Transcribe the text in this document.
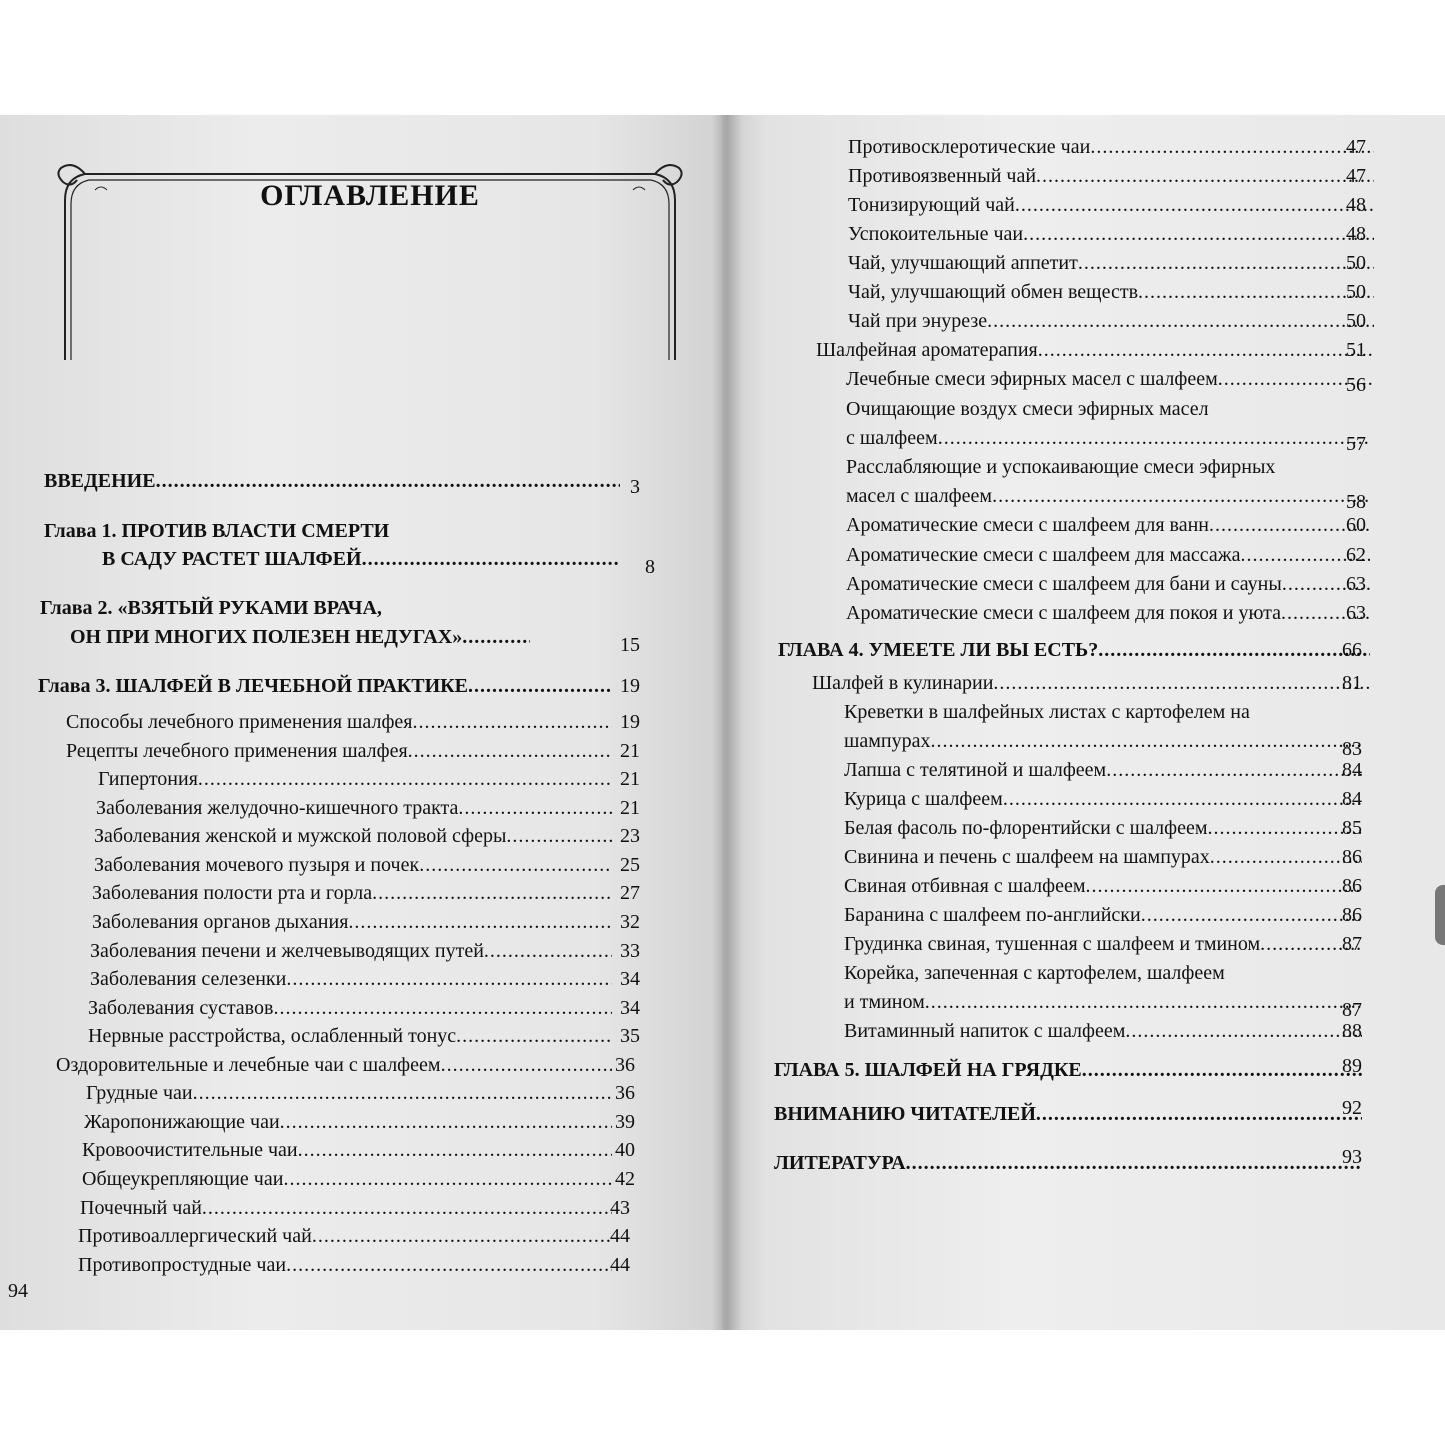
ОГЛАВЛЕНИЕ
ВВЕДЕНИЕ .....	3
Глава 1. ПРОТИВ ВЛАСТИ СМЕРТИ
В САДУ РАСТЕТ ШАЛФЕЙ .....	8
Глава 2. «ВЗЯТЫЙ РУКАМИ ВРАЧА,
ОН ПРИ МНОГИХ ПОЛЕЗЕН НЕДУГАХ» .....	15
Глава 3. ШАЛФЕЙ В ЛЕЧЕБНОЙ ПРАКТИКЕ .....	19
Способы лечебного применения шалфея .....	19
Рецепты лечебного применения шалфея .....	21
Гипертония .....	21
Заболевания желудочно-кишечного тракта .....	21
Заболевания женской и мужской половой сферы .....	23
Заболевания мочевого пузыря и почек .....	25
Заболевания полости рта и горла .....	27
Заболевания органов дыхания .....	32
Заболевания печени и желчевыводящих путей .....	33
Заболевания селезенки .....	34
Заболевания суставов .....	34
Нервные расстройства, ослабленный тонус .....	35
Оздоровительные и лечебные чаи с шалфеем .....	36
Грудные чаи .....	36
Жаропонижающие чаи .....	39
Кровоочистительные чаи .....	40
Общеукрепляющие чаи .....	42
Почечный чай .....	43
Противоаллергический чай .....	44
Противопростудные чаи .....	44
94
Противосклеротические чаи .....	47
Противоязвенный чай .....	47
Тонизирующий чай .....	48
Успокоительные чаи .....	48
Чай, улучшающий аппетит .....	50
Чай, улучшающий обмен веществ .....	50
Чай при энурезе .....	50
Шалфейная ароматерапия .....	51
Лечебные смеси эфирных масел с шалфеем .....	56
Очищающие воздух смеси эфирных масел
с шалфеем .....	57
Расслабляющие и успокаивающие смеси эфирных
масел с шалфеем .....	58
Ароматические смеси с шалфеем для ванн .....	60
Ароматические смеси с шалфеем для массажа .....	62
Ароматические смеси с шалфеем для бани и сауны .....	63
Ароматические смеси с шалфеем для покоя и уюта .....	63
ГЛАВА 4. УМЕЕТЕ ЛИ ВЫ ЕСТЬ? .....	66
Шалфей в кулинарии .....	81
Креветки в шалфейных листах с картофелем на
шампурах .....	83
Лапша с телятиной и шалфеем .....	84
Курица с шалфеем .....	84
Белая фасоль по-флорентийски с шалфеем .....	85
Свинина и печень с шалфеем на шампурах .....	86
Свиная отбивная с шалфеем .....	86
Баранина с шалфеем по-английски .....	86
Грудинка свиная, тушенная с шалфеем и тмином .....	87
Корейка, запеченная с картофелем, шалфеем
и тмином .....	87
Витаминный напиток с шалфеем .....	88
ГЛАВА 5. ШАЛФЕЙ НА ГРЯДКЕ .....	89
ВНИМАНИЮ ЧИТАТЕЛЕЙ .....	92
ЛИТЕРАТУРА .....	93
